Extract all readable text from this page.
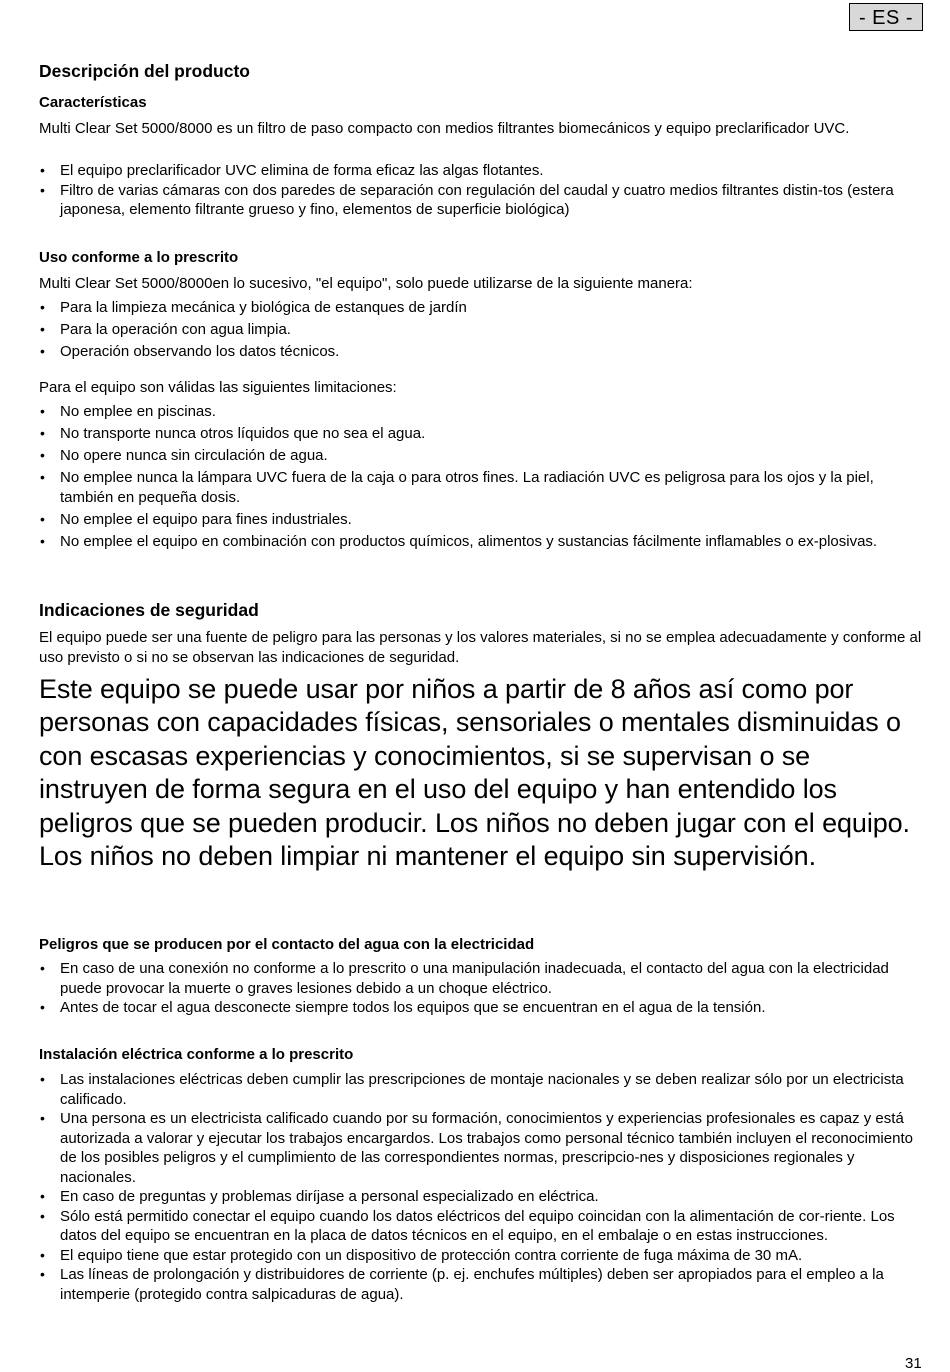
- ES -
Descripción del producto
Características

Multi Clear Set 5000/8000 es un filtro de paso compacto con medios filtrantes biomecánicos y equipo preclarificador UVC.

• El equipo preclarificador UVC elimina de forma eficaz las algas flotantes.
• Filtro de varias cámaras con dos paredes de separación con regulación del caudal y cuatro medios filtrantes distin-tos (estera japonesa, elemento filtrante grueso y fino, elementos de superficie biológica)
Uso conforme a lo prescrito

Multi Clear Set 5000/8000en lo sucesivo, "el equipo", solo puede utilizarse de la siguiente manera:

• Para la limpieza mecánica y biológica de estanques de jardín
• Para la operación con agua limpia.
• Operación observando los datos técnicos.

Para el equipo son válidas las siguientes limitaciones:

• No emplee en piscinas.
• No transporte nunca otros líquidos que no sea el agua.
• No opere nunca sin circulación de agua.
• No emplee nunca la lámpara UVC fuera de la caja o para otros fines. La radiación UVC es peligrosa para los ojos y la piel, también en pequeña dosis.
• No emplee el equipo para fines industriales.
• No emplee el equipo en combinación con productos químicos, alimentos y sustancias fácilmente inflamables o ex-plosivas.
Indicaciones de seguridad

El equipo puede ser una fuente de peligro para las personas y los valores materiales, si no se emplea adecuadamente y conforme al uso previsto o si no se observan las indicaciones de seguridad.

Este equipo se puede usar por niños a partir de 8 años así como por personas con capacidades físicas, sensoriales o mentales disminuidas o con escasas experiencias y conocimientos, si se supervisan o se instruyen de forma segura en el uso del equipo y han entendido los peligros que se pueden producir. Los niños no deben jugar con el equipo. Los niños no deben limpiar ni mantener el equipo sin supervisión.

Peligros que se producen por el contacto del agua con la electricidad
• En caso de una conexión no conforme a lo prescrito o una manipulación inadecuada, el contacto del agua con la electricidad puede provocar la muerte o graves lesiones debido a un choque eléctrico.
• Antes de tocar el agua desconecte siempre todos los equipos que se encuentran en el agua de la tensión.
Instalación eléctrica conforme a lo prescrito
• Las instalaciones eléctricas deben cumplir las prescripciones de montaje nacionales y se deben realizar sólo por un electricista calificado.
• Una persona es un electricista calificado cuando por su formación, conocimientos y experiencias profesionales es capaz y está autorizada a valorar y ejecutar los trabajos encargardos. Los trabajos como personal técnico también incluyen el reconocimiento de los posibles peligros y el cumplimiento de las correspondientes normas, prescripcio-nes y disposiciones regionales y nacionales.
• En caso de preguntas y problemas diríjase a personal especializado en eléctrica.
• Sólo está permitido conectar el equipo cuando los datos eléctricos del equipo coincidan con la alimentación de cor-riente. Los datos del equipo se encuentran en la placa de datos técnicos en el equipo, en el embalaje o en estas instrucciones.
• El equipo tiene que estar protegido con un dispositivo de protección contra corriente de fuga máxima de 30 mA.
• Las líneas de prolongación y distribuidores de corriente (p. ej. enchufes múltiples) deben ser apropiados para el empleo a la intemperie (protegido contra salpicaduras de agua).
31
